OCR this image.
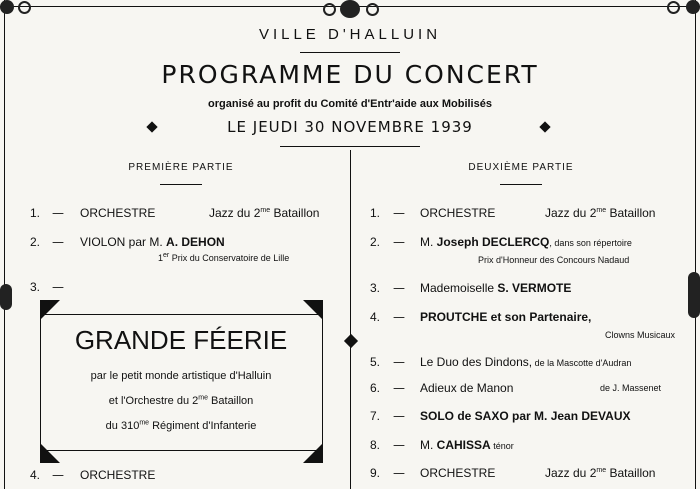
VILLE D'HALLUIN
PROGRAMME DU CONCERT
organisé au profit du Comité d'Entr'aide aux Mobilisés
LE JEUDI 30 NOVEMBRE 1939
PREMIÈRE PARTIE
1. — ORCHESTRE	Jazz du $2^{me}$ Bataillon
2. — VIOLON par M. A. DEHON
1er Prix du Conservatoire de Lille
3. —
GRANDE FÉERIE
par le petit monde artistique d'Halluin
et l'Orchestre du $2^{me}$ Bataillon
du $310^{me}$ Régiment d'Infanterie
4. — ORCHESTRE
DEUXIÈME PARTIE
1. — ORCHESTRE	Jazz du $2^{me}$ Bataillon
2. — M. Joseph DECLERCQ, dans son répertoire
Prix d'Honneur des Concours Nadaud
3. — Mademoiselle S. VERMOTE
4. — PROUTCHE et son Partenaire,
Clowns Musicaux
5. — Le Duo des Dindons, de la Mascotte d'Audran
6. — Adieux de Manon	de J. Massenet
7. — SOLO de SAXO par M. Jean DEVAUX
8. — M. CAHISSA ténor
9. — ORCHESTRE	Jazz du $2^{me}$ Bataillon
